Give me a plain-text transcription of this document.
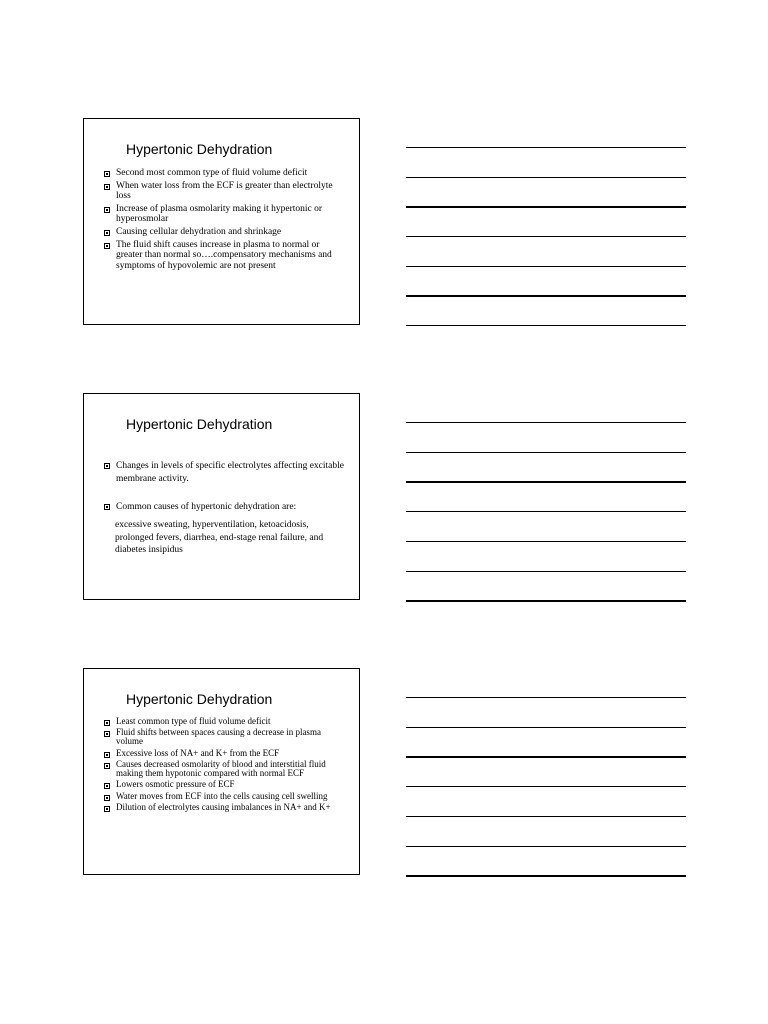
Hypertonic Dehydration
Second most common type of fluid volume deficit
When water loss from the ECF is greater than electrolyte loss
Increase of plasma osmolarity making it hypertonic or hyperosmolar
Causing cellular dehydration and shrinkage
The fluid shift causes increase in plasma to normal or greater than normal so….compensatory mechanisms and symptoms of hypovolemic are not present
Hypertonic Dehydration
Changes in levels of specific electrolytes affecting excitable membrane activity.
Common causes of hypertonic dehydration are:
excessive sweating, hyperventilation, ketoacidosis, prolonged fevers, diarrhea, end-stage renal failure, and diabetes insipidus
Hypertonic Dehydration
Least common type of fluid volume deficit
Fluid shifts between spaces causing a decrease in plasma volume
Excessive loss of NA+ and K+ from the ECF
Causes decreased osmolarity of blood and interstitial fluid making them hypotonic compared with normal ECF
Lowers osmotic pressure of ECF
Water moves from ECF into the cells causing cell swelling
Dilution of electrolytes causing imbalances in NA+ and K+
